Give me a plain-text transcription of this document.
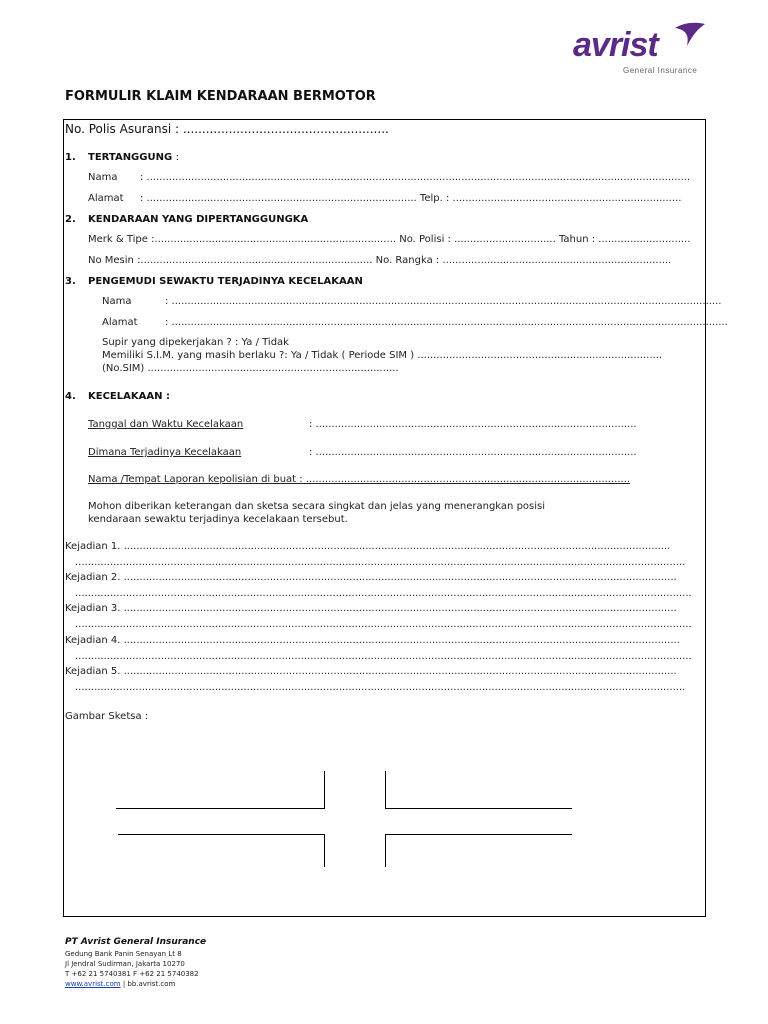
avrist
General Insurance
FORMULIR KLAIM KENDARAAN BERMOTOR
No. Polis Asuransi : ......................................................
1. TERTANGGUNG :
Nama : ...........................................................................................................................................................................
Alamat : ..................................................................................... Telp. : ........................................................................
2. KENDARAAN YANG DIPERTANGGUNGKA
Merk & Tipe :............................................................................ No. Polisi : ................................ Tahun : .............................
No Mesin :......................................................................... No. Rangka : ........................................................................
3. PENGEMUDI SEWAKTU TERJADINYA KECELAKAAN
Nama	: .............................................................................................................................................................................
Alamat	: ...............................................................................................................................................................................
Supir yang dipekerjakan ? : Ya / Tidak
Memiliki S.I.M. yang masih berlaku ?: Ya / Tidak ( Periode SIM ) .............................................................................
(No.SIM) ...............................................................................
4. KECELAKAAN :
Tanggal dan Waktu Kecelakaan	: .....................................................................................................
Dimana Terjadinya Kecelakaan	: .....................................................................................................
Nama /Tempat Laporan kepolisian di buat : ......................................................................................................
Mohon diberikan keterangan dan sketsa secara singkat dan jelas yang menerangkan posisi
kendaraan sewaktu terjadinya kecelakaan tersebut.
Kejadian 1. ............................................................................................................................................................................
................................................................................................................................................................................................
Kejadian 2. ..............................................................................................................................................................................
..................................................................................................................................................................................................
Kejadian 3. ..............................................................................................................................................................................
..................................................................................................................................................................................................
Kejadian 4. ...............................................................................................................................................................................
..................................................................................................................................................................................................
Kejadian 5. ..............................................................................................................................................................................
................................................................................................................................................................................................
Gambar Sketsa :
PT Avrist General Insurance
Gedung Bank Panin Senayan Lt 8
Jl Jendral Sudirman, Jakarta 10270
T +62 21 5740381 F +62 21 5740382
www.avrist.com | bb.avrist.com
